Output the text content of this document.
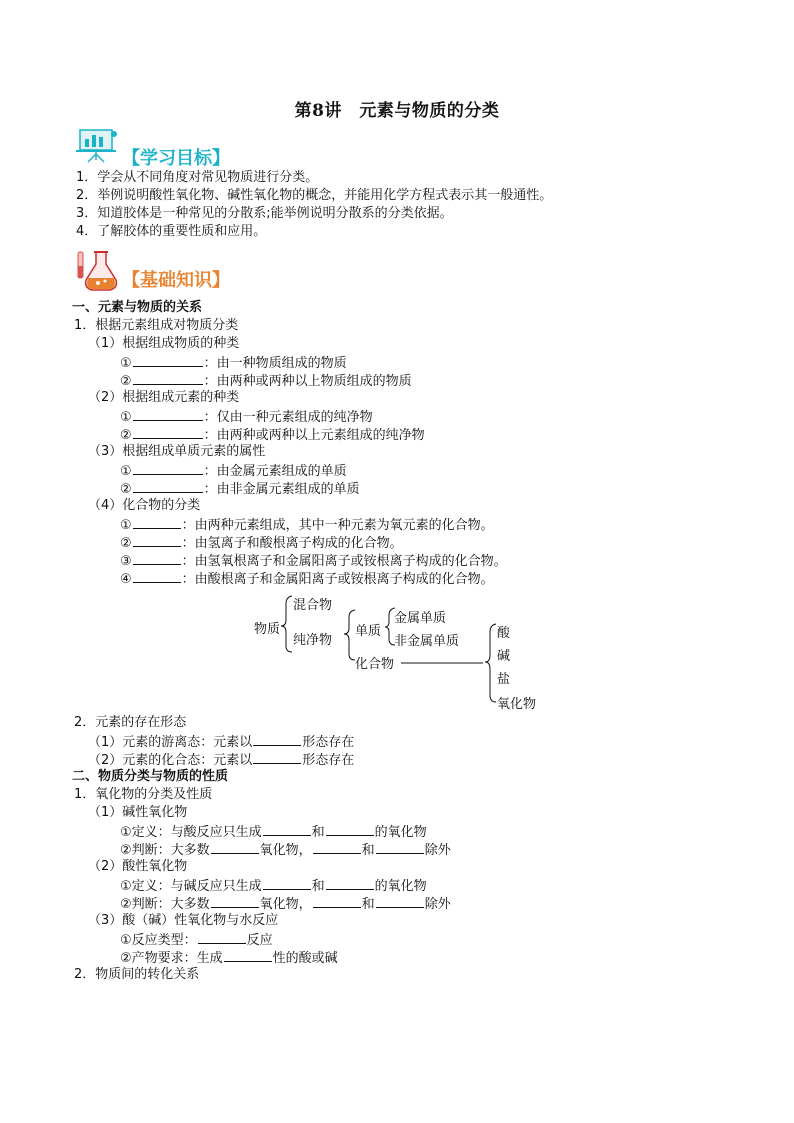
第8讲　元素与物质的分类
【学习目标】
1．学会从不同角度对常见物质进行分类。
2．举例说明酸性氧化物、碱性氧化物的概念，并能用化学方程式表示其一般通性。
3．知道胶体是一种常见的分散系;能举例说明分散系的分类依据。
4．了解胶体的重要性质和应用。
【基础知识】
一、元素与物质的关系
1．根据元素组成对物质分类
（1）根据组成物质的种类
①	：由一种物质组成的物质
②	：由两种或两种以上物质组成的物质
（2）根据组成元素的种类
①	：仅由一种元素组成的纯净物
②	：由两种或两种以上元素组成的纯净物
（3）根据组成单质元素的属性
①	：由金属元素组成的单质
②	：由非金属元素组成的单质
（4）化合物的分类
①	：由两种元素组成，其中一种元素为氧元素的化合物。
②	：由氢离子和酸根离子构成的化合物。
③	：由氢氧根离子和金属阳离子或铵根离子构成的化合物。
④	：由酸根离子和金属阳离子或铵根离子构成的化合物。
物质
混合物
纯净物
单质
金属单质
非金属单质
化合物
酸
碱
盐
氧化物
2．元素的存在形态
（1）元素的游离态：元素以	形态存在
（2）元素的化合态：元素以	形态存在
二、物质分类与物质的性质
1．氧化物的分类及性质
（1）碱性氧化物
①定义：与酸反应只生成	和	的氧化物
②判断：大多数	氧化物，	和	除外
（2）酸性氧化物
①定义：与碱反应只生成	和	的氧化物
②判断：大多数	氧化物，	和	除外
（3）酸（碱）性氧化物与水反应
①反应类型：	反应
②产物要求：生成	性的酸或碱
2．物质间的转化关系
